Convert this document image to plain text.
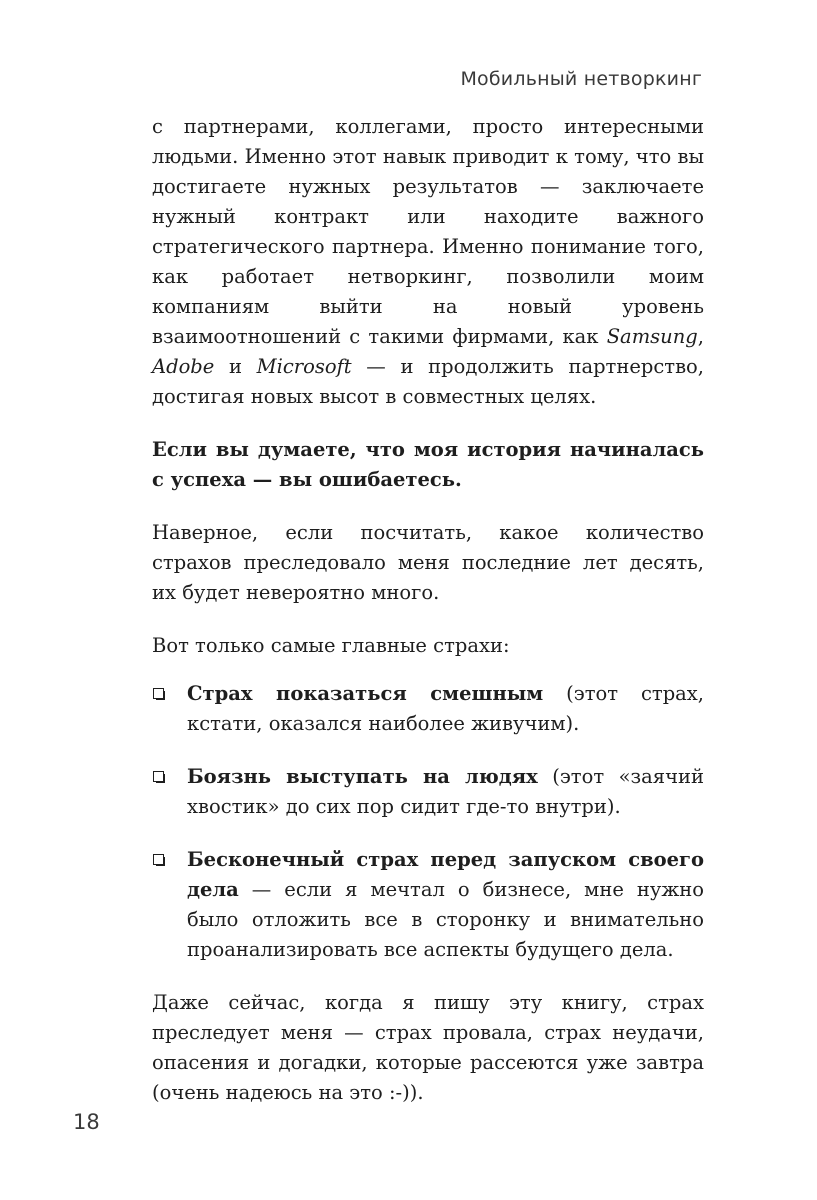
Мобильный нетворкинг

с партнерами, коллегами, просто интересными людьми. Именно этот навык приводит к тому, что вы достигаете нужных результатов — заключаете нужный контракт или находите важного стратегического партнера. Именно понимание того, как работает нетворкинг, позволили моим компаниям выйти на новый уровень взаимоотношений с такими фирмами, как Samsung, Adobe и Microsoft — и продолжить партнерство, достигая новых высот в совместных целях.

Если вы думаете, что моя история начиналась с успеха — вы ошибаетесь.

Наверное, если посчитать, какое количество страхов преследовало меня последние лет десять, их будет невероятно много.

Вот только самые главные страхи:

Страх показаться смешным (этот страх, кстати, оказался наиболее живучим).
Боязнь выступать на людях (этот «заячий хвостик» до сих пор сидит где-то внутри).
Бесконечный страх перед запуском своего дела — если я мечтал о бизнесе, мне нужно было отложить все в сторонку и внимательно проанализировать все аспекты будущего дела.

Даже сейчас, когда я пишу эту книгу, страх преследует меня — страх провала, страх неудачи, опасения и догадки, которые рассеются уже завтра (очень надеюсь на это :-)).

18
